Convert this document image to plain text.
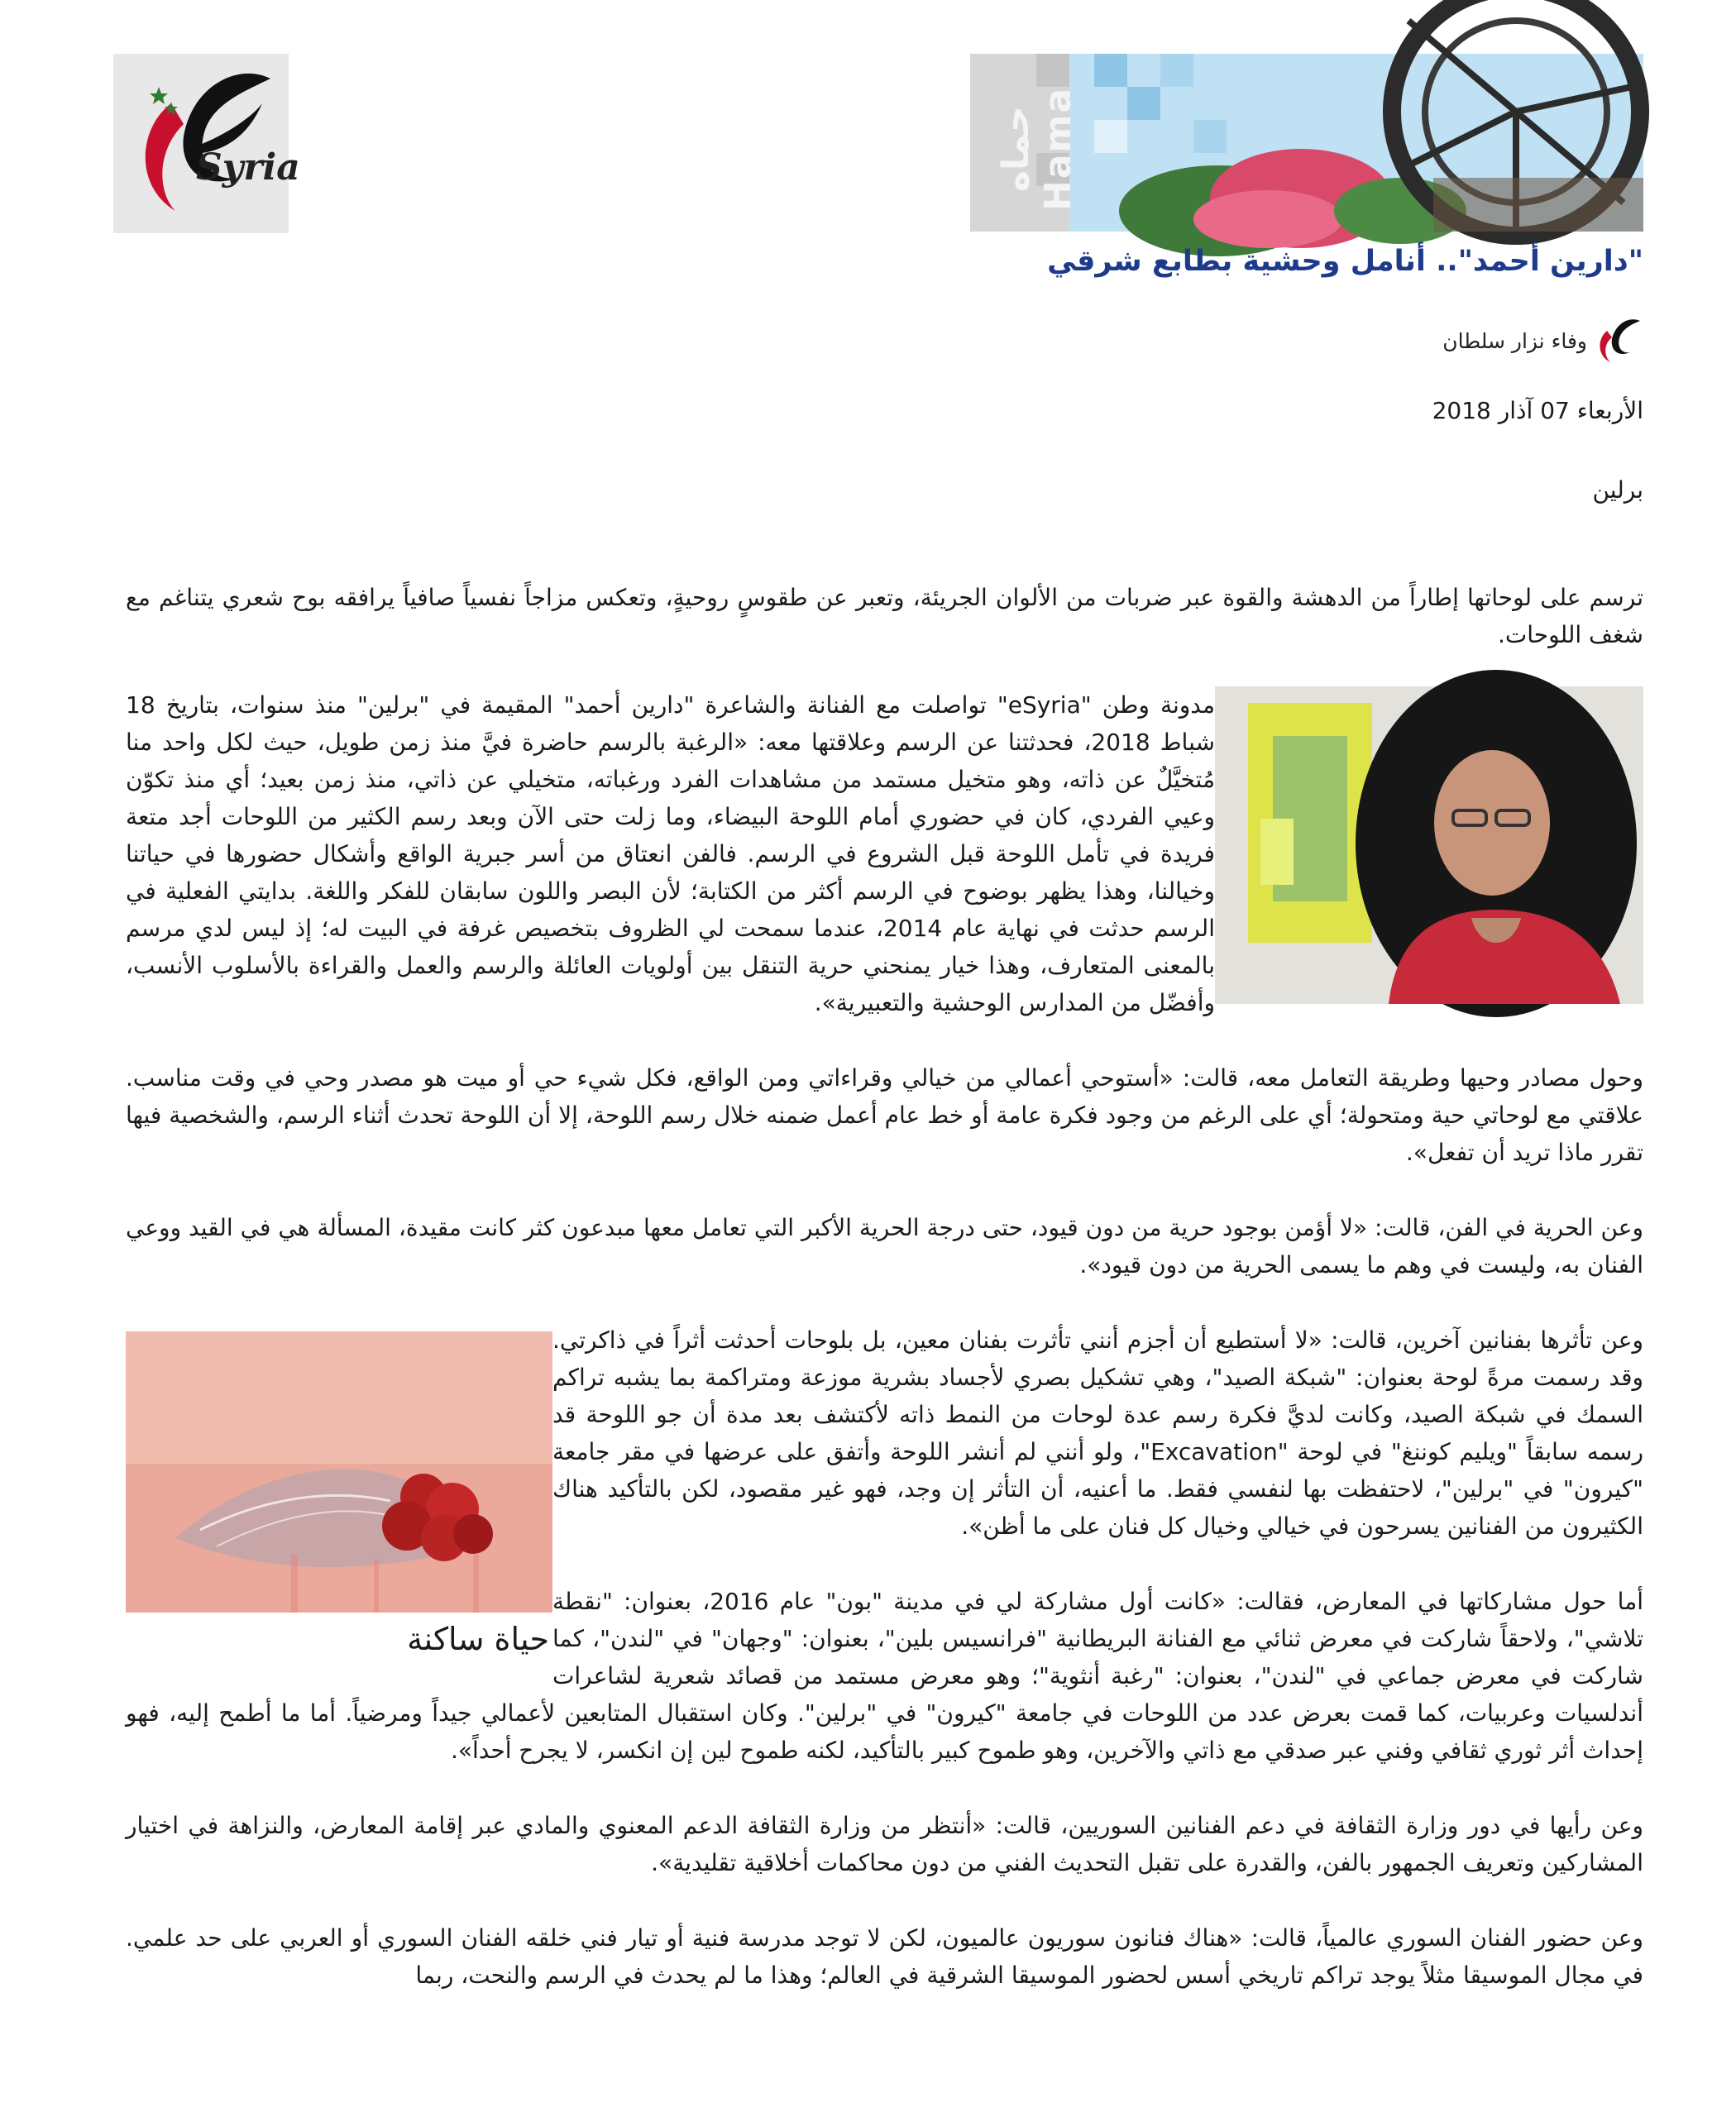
Syria	حماه Hama
"دارين أحمد".. أنامل وحشية بطابع شرقي
وفاء نزار سلطان
الأربعاء 07 آذار 2018
برلين

ترسم على لوحاتها إطاراً من الدهشة والقوة عبر ضربات من الألوان الجريئة، وتعبر عن طقوسٍ روحيةٍ، وتعكس مزاجاً نفسياً صافياً يرافقه بوح شعري يتناغم مع شغف اللوحات.

مدونة وطن "eSyria" تواصلت مع الفنانة والشاعرة "دارين أحمد" المقيمة في "برلين" منذ سنوات، بتاريخ 18 شباط 2018، فحدثتنا عن الرسم وعلاقتها معه: «الرغبة بالرسم حاضرة فيَّ منذ زمن طويل، حيث لكل واحد منا مُتخيَّلٌ عن ذاته، وهو متخيل مستمد من مشاهدات الفرد ورغباته، متخيلي عن ذاتي، منذ زمن بعيد؛ أي منذ تكوّن وعيي الفردي، كان في حضوري أمام اللوحة البيضاء، وما زلت حتى الآن وبعد رسم الكثير من اللوحات أجد متعة فريدة في تأمل اللوحة قبل الشروع في الرسم. فالفن انعتاق من أسر جبرية الواقع وأشكال حضورها في حياتنا وخيالنا، وهذا يظهر بوضوح في الرسم أكثر من الكتابة؛ لأن البصر واللون سابقان للفكر واللغة. بدايتي الفعلية في الرسم حدثت في نهاية عام 2014، عندما سمحت لي الظروف بتخصيص غرفة في البيت له؛ إذ ليس لدي مرسم بالمعنى المتعارف، وهذا خيار يمنحني حرية التنقل بين أولويات العائلة والرسم والعمل والقراءة بالأسلوب الأنسب، وأفضّل من المدارس الوحشية والتعبيرية».

وحول مصادر وحيها وطريقة التعامل معه، قالت: «أستوحي أعمالي من خيالي وقراءاتي ومن الواقع، فكل شيء حي أو ميت هو مصدر وحي في وقت مناسب. علاقتي مع لوحاتي حية ومتحولة؛ أي على الرغم من وجود فكرة عامة أو خط عام أعمل ضمنه خلال رسم اللوحة، إلا أن اللوحة تحدث أثناء الرسم، والشخصية فيها تقرر ماذا تريد أن تفعل».

وعن الحرية في الفن، قالت: «لا أؤمن بوجود حرية من دون قيود، حتى درجة الحرية الأكبر التي تعامل معها مبدعون كثر كانت مقيدة، المسألة هي في القيد ووعي الفنان به، وليست في وهم ما يسمى الحرية من دون قيود».

حياة ساكنة

وعن تأثرها بفنانين آخرين، قالت: «لا أستطيع أن أجزم أنني تأثرت بفنان معين، بل بلوحات أحدثت أثراً في ذاكرتي. وقد رسمت مرةً لوحة بعنوان: "شبكة الصيد"، وهي تشكيل بصري لأجساد بشرية موزعة ومتراكمة بما يشبه تراكم السمك في شبكة الصيد، وكانت لديَّ فكرة رسم عدة لوحات من النمط ذاته لأكتشف بعد مدة أن جو اللوحة قد رسمه سابقاً "ويليم كوننغ" في لوحة "Excavation"، ولو أنني لم أنشر اللوحة وأتفق على عرضها في مقر جامعة "كيرون" في "برلين"، لاحتفظت بها لنفسي فقط. ما أعنيه، أن التأثر إن وجد، فهو غير مقصود، لكن بالتأكيد هناك الكثيرون من الفنانين يسرحون في خيالي وخيال كل فنان على ما أظن».

أما حول مشاركاتها في المعارض، فقالت: «كانت أول مشاركة لي في مدينة "بون" عام 2016، بعنوان: "نقطة تلاشي"، ولاحقاً شاركت في معرض ثنائي مع الفنانة البريطانية "فرانسيس بلين"، بعنوان: "وجهان" في "لندن"، كما شاركت في معرض جماعي في "لندن"، بعنوان: "رغبة أنثوية"؛ وهو معرض مستمد من قصائد شعرية لشاعرات أندلسيات وعربيات، كما قمت بعرض عدد من اللوحات في جامعة "كيرون" في "برلين". وكان استقبال المتابعين لأعمالي جيداً ومرضياً. أما ما أطمح إليه، فهو إحداث أثر ثوري ثقافي وفني عبر صدقي مع ذاتي والآخرين، وهو طموح كبير بالتأكيد، لكنه طموح لين إن انكسر، لا يجرح أحداً».

وعن رأيها في دور وزارة الثقافة في دعم الفنانين السوريين، قالت: «أنتظر من وزارة الثقافة الدعم المعنوي والمادي عبر إقامة المعارض، والنزاهة في اختيار المشاركين وتعريف الجمهور بالفن، والقدرة على تقبل التحديث الفني من دون محاكمات أخلاقية تقليدية».

وعن حضور الفنان السوري عالمياً، قالت: «هناك فنانون سوريون عالميون، لكن لا توجد مدرسة فنية أو تيار فني خلقه الفنان السوري أو العربي على حد علمي. في مجال الموسيقا مثلاً يوجد تراكم تاريخي أسس لحضور الموسيقا الشرقية في العالم؛ وهذا ما لم يحدث في الرسم والنحت، ربما
